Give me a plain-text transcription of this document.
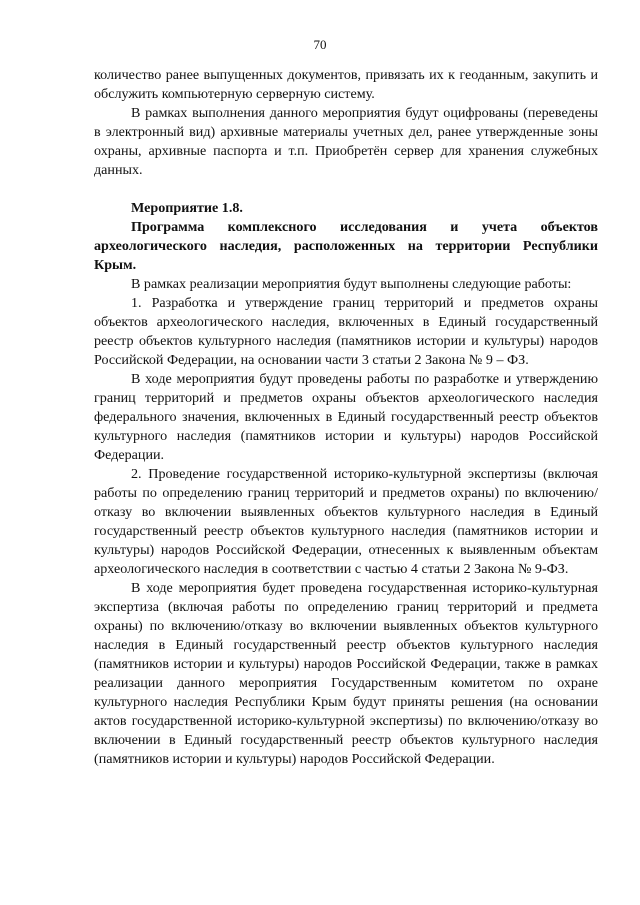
70

количество ранее выпущенных документов, привязать их к геоданным, закупить и обслужить компьютерную серверную систему.

В рамках выполнения данного мероприятия будут оцифрованы (переведены в электронный вид) архивные материалы учетных дел, ранее утвержденные зоны охраны, архивные паспорта и т.п. Приобретён сервер для хранения служебных данных.

Мероприятие 1.8.

Программа комплексного исследования и учета объектов археологического наследия, расположенных на территории Республики Крым.

В рамках реализации мероприятия будут выполнены следующие работы:

1. Разработка и утверждение границ территорий и предметов охраны объектов археологического наследия, включенных в Единый государственный реестр объектов культурного наследия (памятников истории и культуры) народов Российской Федерации, на основании части 3 статьи 2 Закона № 9 – ФЗ.

В ходе мероприятия будут проведены работы по разработке и утверждению границ территорий и предметов охраны объектов археологического наследия федерального значения, включенных в Единый государственный реестр объектов культурного наследия (памятников истории и культуры) народов Российской Федерации.

2. Проведение государственной историко-культурной экспертизы (включая работы по определению границ территорий и предметов охраны) по включению/отказу во включении выявленных объектов культурного наследия в Единый государственный реестр объектов культурного наследия (памятников истории и культуры) народов Российской Федерации, отнесенных к выявленным объектам археологического наследия в соответствии с частью 4 статьи 2 Закона № 9-ФЗ.

В ходе мероприятия будет проведена государственная историко-культурная экспертиза (включая работы по определению границ территорий и предмета охраны) по включению/отказу во включении выявленных объектов культурного наследия в Единый государственный реестр объектов культурного наследия (памятников истории и культуры) народов Российской Федерации, также в рамках реализации данного мероприятия Государственным комитетом по охране культурного наследия Республики Крым будут приняты решения (на основании актов государственной историко-культурной экспертизы) по включению/отказу во включении в Единый государственный реестр объектов культурного наследия (памятников истории и культуры) народов Российской Федерации.
